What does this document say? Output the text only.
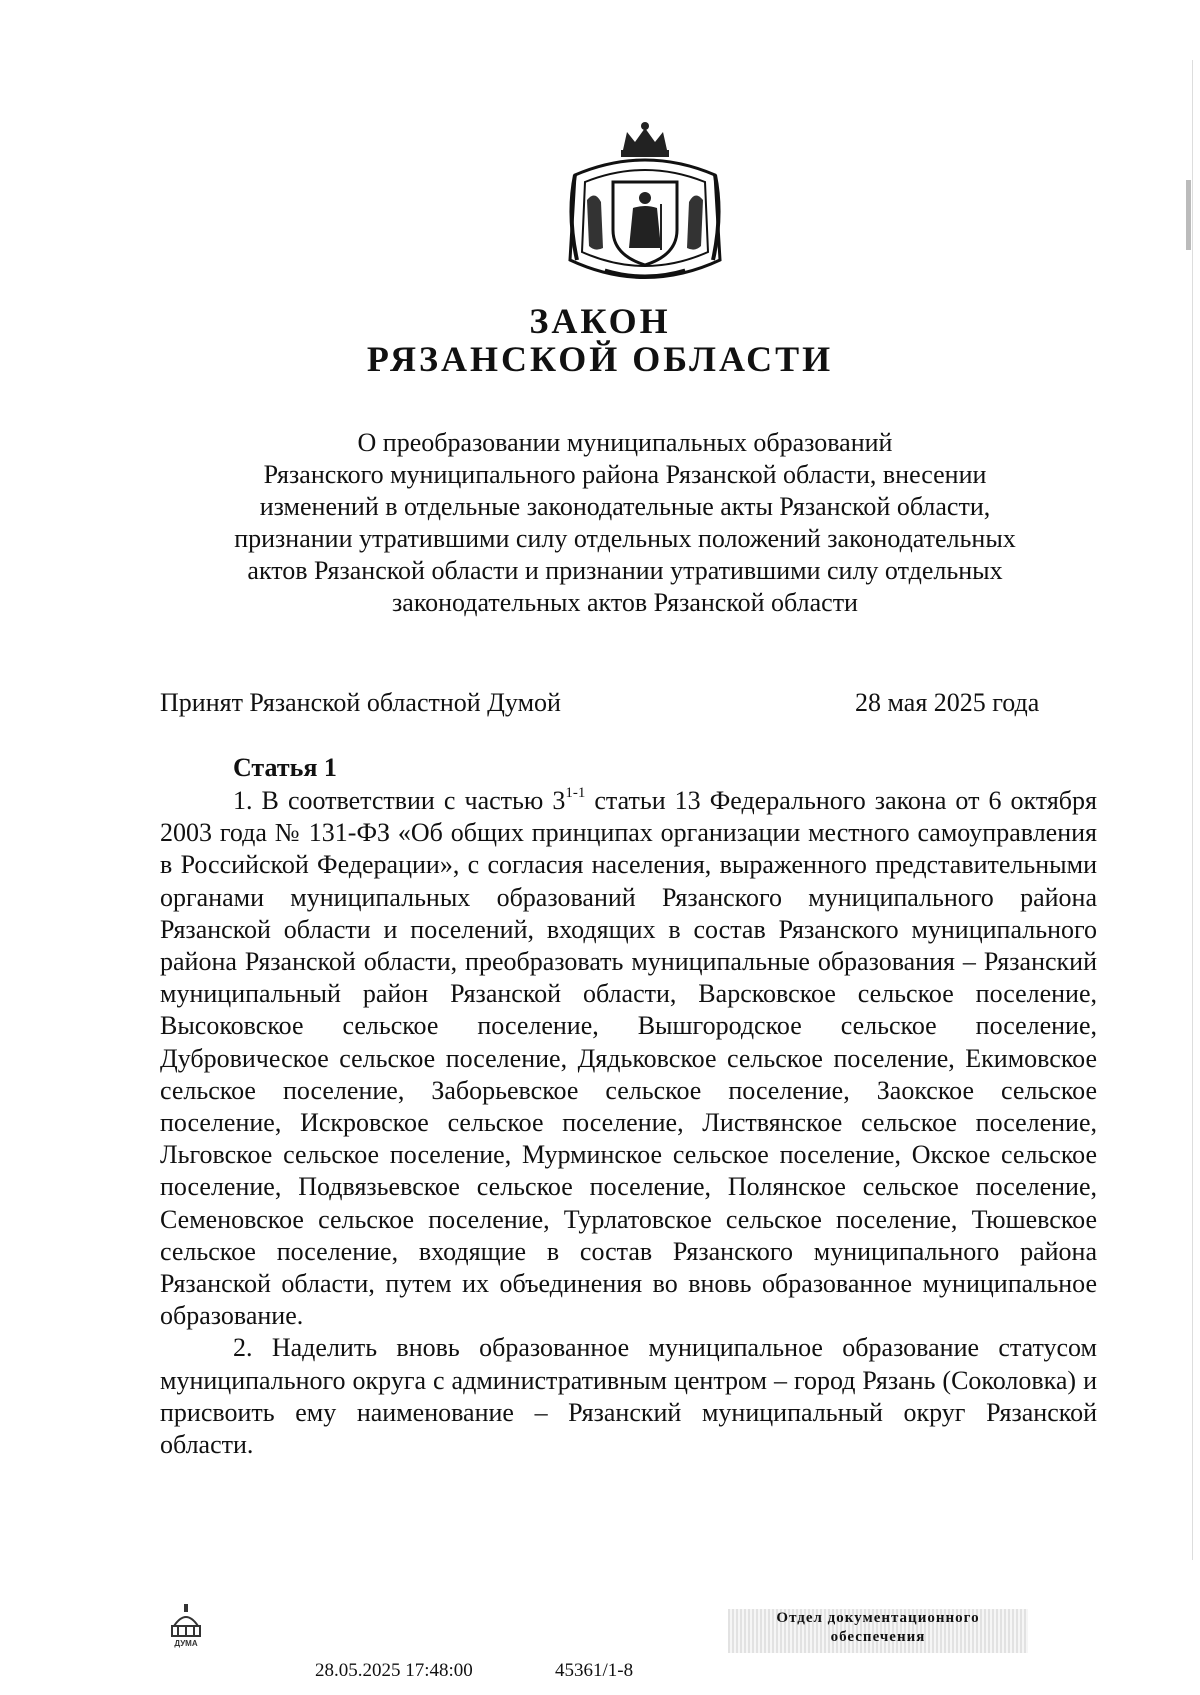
ЗАКОН
РЯЗАНСКОЙ ОБЛАСТИ
О преобразовании муниципальных образований
Рязанского муниципального района Рязанской области, внесении
изменений в отдельные законодательные акты Рязанской области,
признании утратившими силу отдельных положений законодательных
актов Рязанской области и признании утратившими силу отдельных
законодательных актов Рязанской области
Принят Рязанской областной Думой	28 мая 2025 года
Статья 1

1. В соответствии с частью 3$^{1-1}$ статьи 13 Федерального закона от 6 октября 2003 года № 131-ФЗ «Об общих принципах организации местного самоуправления в Российской Федерации», с согласия населения, выраженного представительными органами муниципальных образований Рязанского муниципального района Рязанской области и поселений, входящих в состав Рязанского муниципального района Рязанской области, преобразовать муниципальные образования – Рязанский муниципальный район Рязанской области, Варсковское сельское поселение, Высоковское сельское поселение, Вышгородское сельское поселение, Дубровическое сельское поселение, Дядьковское сельское поселение, Екимовское сельское поселение, Заборьевское сельское поселение, Заокское сельское поселение, Искровское сельское поселение, Листвянское сельское поселение, Льговское сельское поселение, Мурминское сельское поселение, Окское сельское поселение, Подвязьевское сельское поселение, Полянское сельское поселение, Семеновское сельское поселение, Турлатовское сельское поселение, Тюшевское сельское поселение, входящие в состав Рязанского муниципального района Рязанской области, путем их объединения во вновь образованное муниципальное образование.

2. Наделить вновь образованное муниципальное образование статусом муниципального округа с административным центром – город Рязань (Соколовка) и присвоить ему наименование – Рязанский муниципальный округ Рязанской области.

ДУМА
28.05.2025 17:48:00	45361/1-8
Отдел документационного
обеспечения
